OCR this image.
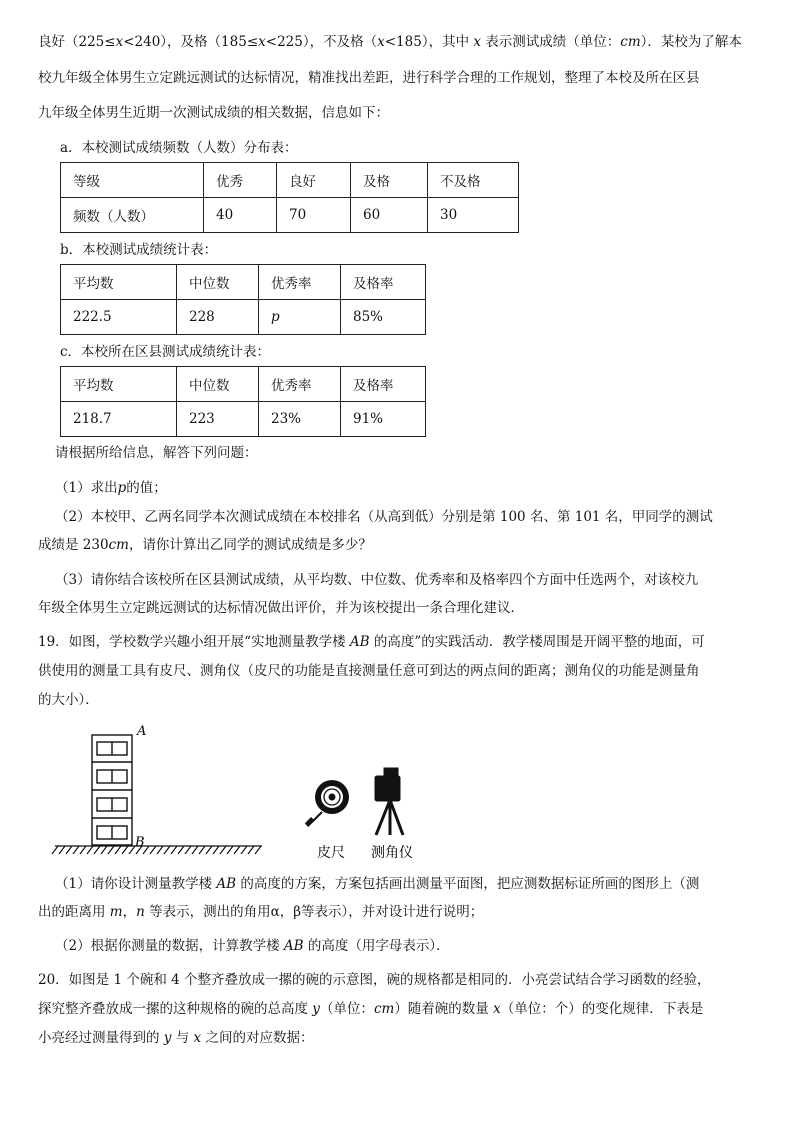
良好（225≤x<240），及格（185≤x<225），不及格（x<185），其中 x 表示测试成绩（单位：cm）．某校为了解本
校九年级全体男生立定跳远测试的达标情况，精准找出差距，进行科学合理的工作规划，整理了本校及所在区县
九年级全体男生近期一次测试成绩的相关数据，信息如下：
a．本校测试成绩频数（人数）分布表：
等级	优秀	良好	及格	不及格
频数（人数）	40	70	60	30
b．本校测试成绩统计表：
平均数	中位数	优秀率	及格率
222.5	228	p	85%
c．本校所在区县测试成绩统计表：
平均数	中位数	优秀率	及格率
218.7	223	23%	91%
请根据所给信息，解答下列问题：
（1）求出p的值；
（2）本校甲、乙两名同学本次测试成绩在本校排名（从高到低）分别是第 100 名、第 101 名，甲同学的测试
成绩是 230cm，请你计算出乙同学的测试成绩是多少？
（3）请你结合该校所在区县测试成绩，从平均数、中位数、优秀率和及格率四个方面中任选两个，对该校九
年级全体男生立定跳远测试的达标情况做出评价，并为该校提出一条合理化建议．
19．如图，学校数学兴趣小组开展“实地测量教学楼 AB 的高度”的实践活动．教学楼周围是开阔平整的地面，可
供使用的测量工具有皮尺、测角仪（皮尺的功能是直接测量任意可到达的两点间的距离；测角仪的功能是测量角
的大小）．
A
B
皮尺 测角仪
（1）请你设计测量教学楼 AB 的高度的方案，方案包括画出测量平面图，把应测数据标证所画的图形上（测
出的距离用 m，n 等表示，测出的角用α，β等表示），并对设计进行说明；
（2）根据你测量的数据，计算教学楼 AB 的高度（用字母表示）．
20．如图是 1 个碗和 4 个整齐叠放成一摞的碗的示意图，碗的规格都是相同的．小亮尝试结合学习函数的经验，
探究整齐叠放成一摞的这种规格的碗的总高度 y（单位：cm）随着碗的数量 x（单位：个）的变化规律．下表是
小亮经过测量得到的 y 与 x 之间的对应数据：
